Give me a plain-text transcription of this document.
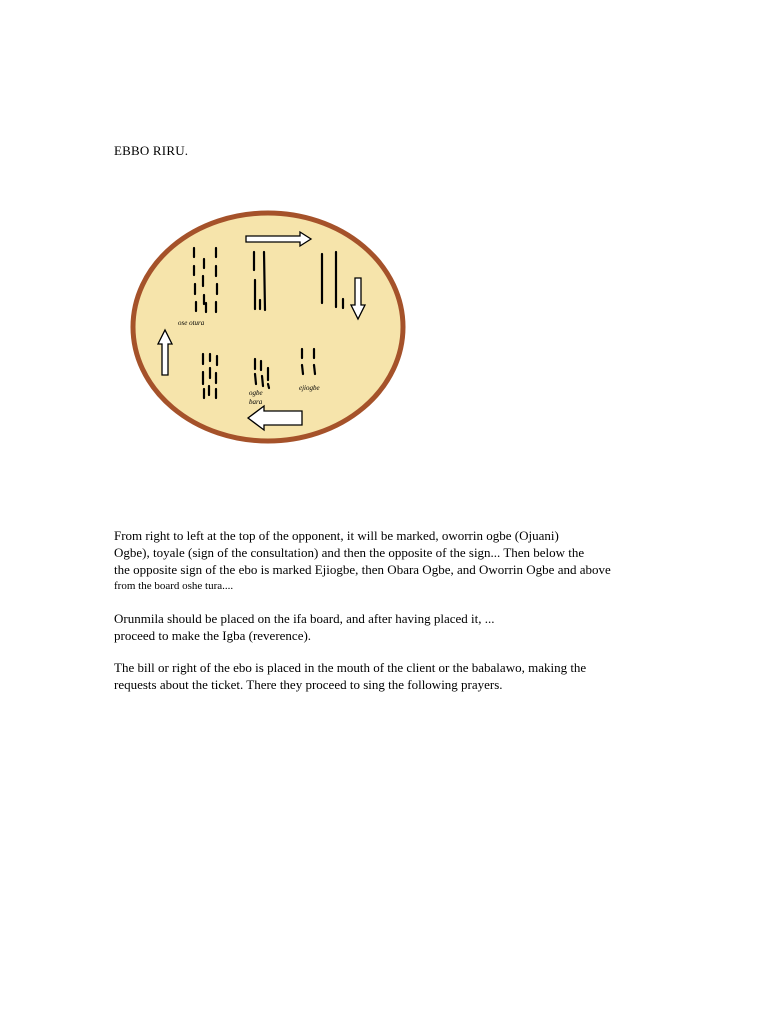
EBBO RIRU.
ose otura
ogbe
bara
ejiogbe
From right to left at the top of the opponent, it will be marked, oworrin ogbe (Ojuani)
Ogbe), toyale (sign of the consultation) and then the opposite of the sign... Then below the
the opposite sign of the ebo is marked Ejiogbe, then Obara Ogbe, and Oworrin Ogbe and above
from the board oshe tura....
Orunmila should be placed on the ifa board, and after having placed it, ...
proceed to make the Igba (reverence).
The bill or right of the ebo is placed in the mouth of the client or the babalawo, making the
requests about the ticket. There they proceed to sing the following prayers.
